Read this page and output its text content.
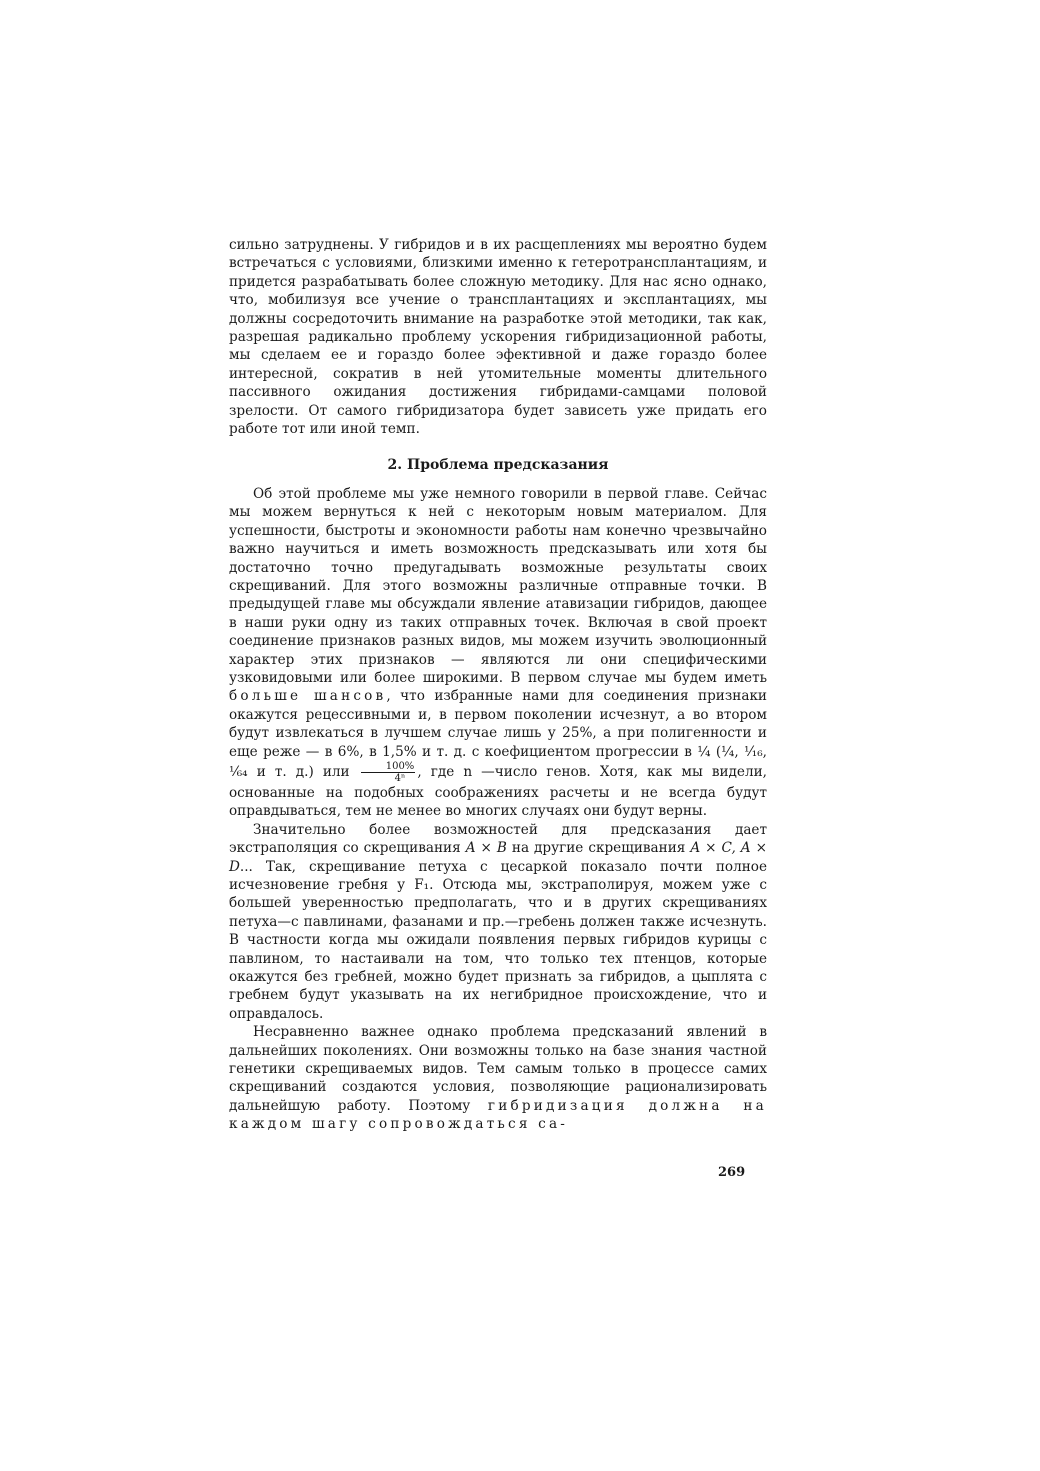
сильно затруднены. У гибридов и в их расщеплениях мы вероятно будем встречаться с условиями, близкими именно к гетеротрансплантациям, и придется разрабатывать более сложную методику. Для нас ясно однако, что, мобилизуя все учение о трансплантациях и эксплантациях, мы должны сосредоточить внимание на разработке этой методики, так как, разрешая радикально проблему ускорения гибридизационной работы, мы сделаем ее и гораздо более эфективной и даже гораздо более интересной, сократив в ней утомительные моменты длительного пассивного ожидания достижения гибридами-самцами половой зрелости. От самого гибридизатора будет зависеть уже придать его работе тот или иной темп.

2. Проблема предсказания

Об этой проблеме мы уже немного говорили в первой главе. Сейчас мы можем вернуться к ней с некоторым новым материалом. Для успешности, быстроты и экономности работы нам конечно чрезвычайно важно научиться и иметь возможность предсказывать или хотя бы достаточно точно предугадывать возможные результаты своих скрещиваний. Для этого возможны различные отправные точки. В предыдущей главе мы обсуждали явление атавизации гибридов, дающее в наши руки одну из таких отправных точек. Включая в свой проект соединение признаков разных видов, мы можем изучить эволюционный характер этих признаков — являются ли они специфическими узковидовыми или более широкими. В первом случае мы будем иметь больше шансов, что избранные нами для соединения признаки окажутся рецессивными и, в первом поколении исчезнут, а во втором будут извлекаться в лучшем случае лишь у 25%, а при полигенности и еще реже — в 6%, в 1,5% и т. д. с коефициентом прогрессии в ¼ (¼, ¹⁄₁₆, ¹⁄₆₄ и т. д.) или $\frac{100\%}{\text{4ⁿ}}$ , где n —число генов. Хотя, как мы видели, основанные на подобных соображениях расчеты и не всегда будут оправдываться, тем не менее во многих случаях они будут верны.

Значительно более возможностей для предсказания дает экстраполяция со скрещивания A × B на другие скрещивания A × C, A × D... Так, скрещивание петуха с цесаркой показало почти полное исчезновение гребня у F₁. Отсюда мы, экстраполируя, можем уже с большей уверенностью предполагать, что и в других скрещиваниях петуха—с павлинами, фазанами и пр.—гребень должен также исчезнуть. В частности когда мы ожидали появления первых гибридов курицы с павлином, то настаивали на том, что только тех птенцов, которые окажутся без гребней, можно будет признать за гибридов, а цыплята с гребнем будут указывать на их негибридное происхождение, что и оправдалось.

Несравненно важнее однако проблема предсказаний явлений в дальнейших поколениях. Они возможны только на базе знания частной генетики скрещиваемых видов. Тем самым только в процессе самих скрещиваний создаются условия, позволяющие рационализировать дальнейшую работу. Поэтому гибридизация должна на каждом шагу сопровождаться са-

269
